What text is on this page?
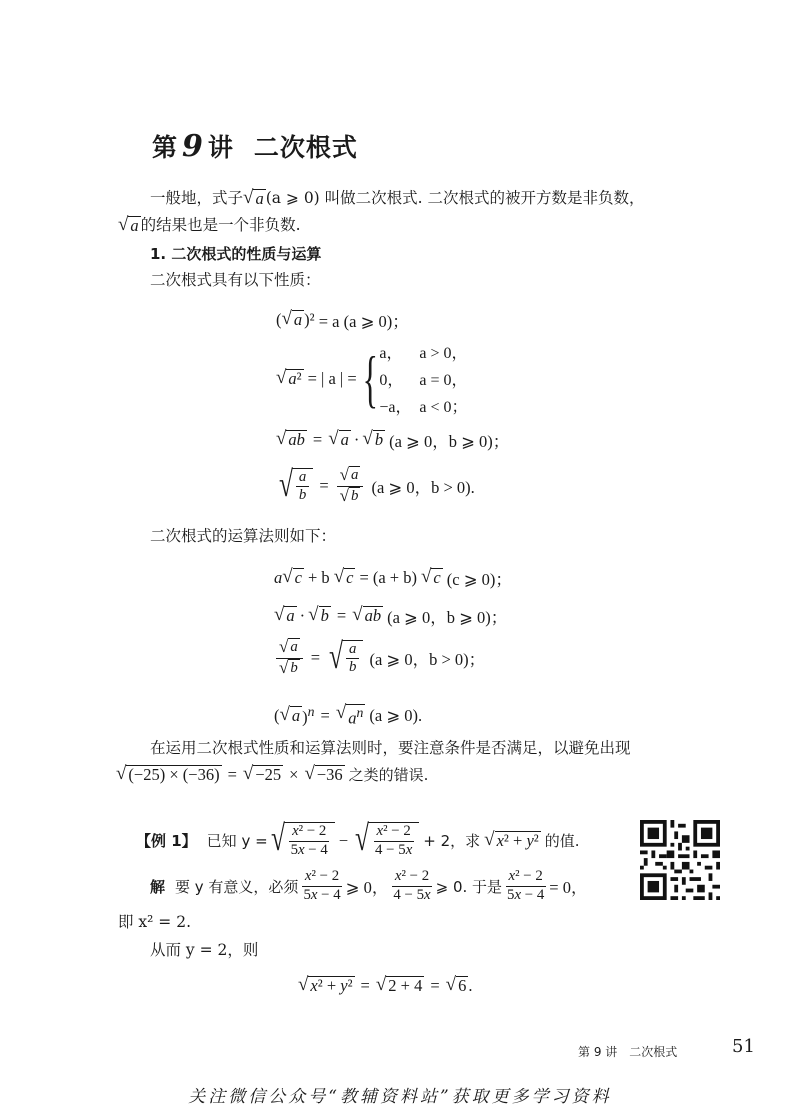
第 9 讲 二次根式
一般地，式子 √ a (a ⩾ 0) 叫做二次根式. 二次根式的被开方数是非负数，
√ a 的结果也是一个非负数.
1. 二次根式的性质与运算
二次根式具有以下性质：
( √ a )² = a (a ⩾ 0)；
√ a² = | a | = { a，	a > 0，
0， a = 0，
−a， a < 0；
√ ab = √ a · √ b (a ⩾ 0，b ⩾ 0)；
√ $\frac{a}{b} = \frac{√ a}{√ b} (a$ ⩾ 0，b > 0).
二次根式的运算法则如下：
a √ c + b √ c = (a + b) √ c (c ⩾ 0)；
√ a · √ b = √ ab (a ⩾ 0，b ⩾ 0)；
$\frac{√ a}{√ b}$ = √ $\frac{a}{b} (a$ ⩾ 0，b > 0)；
( √ a )$^n$ = √ $a^n$ (a ⩾ 0).
在运用二次根式性质和运算法则时，要注意条件是否满足，以避免出现
√ (−25) × (−36) = √ −25 × √ −36 之类的错误.
【例 1】 已知 y = √ $\frac{\text{x² − 2}}{5x - 4}$ − √ $\frac{\text{x² − 2}}{4 - 5x} + 2$，求 √ x² + y² 的值.
解 要 y 有意义，必须 $\frac{\text{x² − 2}}{5x - 4}$ ⩾ 0， $\frac{\text{x² − 2}}{4 - 5x}$ ⩾ 0. 于是 $\frac{\text{x² − 2}}{5x - 4} = 0$，
即 x² = 2.
从而 y = 2，则
√ x² + y² = √ 2 + 4 = √ 6 .
第 9 讲　二次根式	51
关注微信公众号“教辅资料站”获取更多学习资料
